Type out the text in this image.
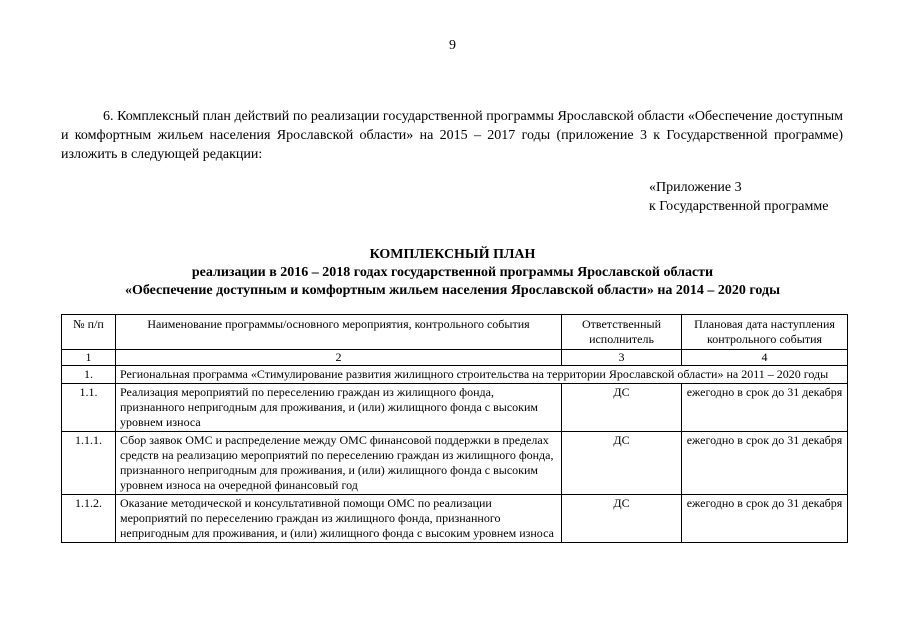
9
6. Комплексный план действий по реализации государственной программы Ярославской области «Обеспечение доступным и комфортным жильем населения Ярославской области» на 2015 – 2017 годы (приложение 3 к Государственной программе) изложить в следующей редакции:
«Приложение 3
к Государственной программе
КОМПЛЕКСНЫЙ ПЛАН
реализации в 2016 – 2018 годах государственной программы Ярославской области
«Обеспечение доступным и комфортным жильем населения Ярославской области» на 2014 – 2020 годы
№ п/п	Наименование программы/основного мероприятия, контрольного события	Ответственный исполнитель	Плановая дата наступления контрольного события
1	2	3	4
1.	Региональная программа «Стимулирование развития жилищного строительства на территории Ярославской области» на 2011 – 2020 годы		
1.1.	Реализация мероприятий по переселению граждан из жилищного фонда, признанного непригодным для проживания, и (или) жилищного фонда с высоким уровнем износа	ДС	ежегодно в срок до 31 декабря
1.1.1.	Сбор заявок ОМС и распределение между ОМС финансовой поддержки в пределах средств на реализацию мероприятий по переселению граждан из жилищного фонда, признанного непригодным для проживания, и (или) жилищного фонда с высоким уровнем износа на очередной финансовый год	ДС	ежегодно в срок до 31 декабря
1.1.2.	Оказание методической и консультативной помощи ОМС по реализации мероприятий по переселению граждан из жилищного фонда, признанного непригодным для проживания, и (или) жилищного фонда с высоким уровнем износа	ДС	ежегодно в срок до 31 декабря
